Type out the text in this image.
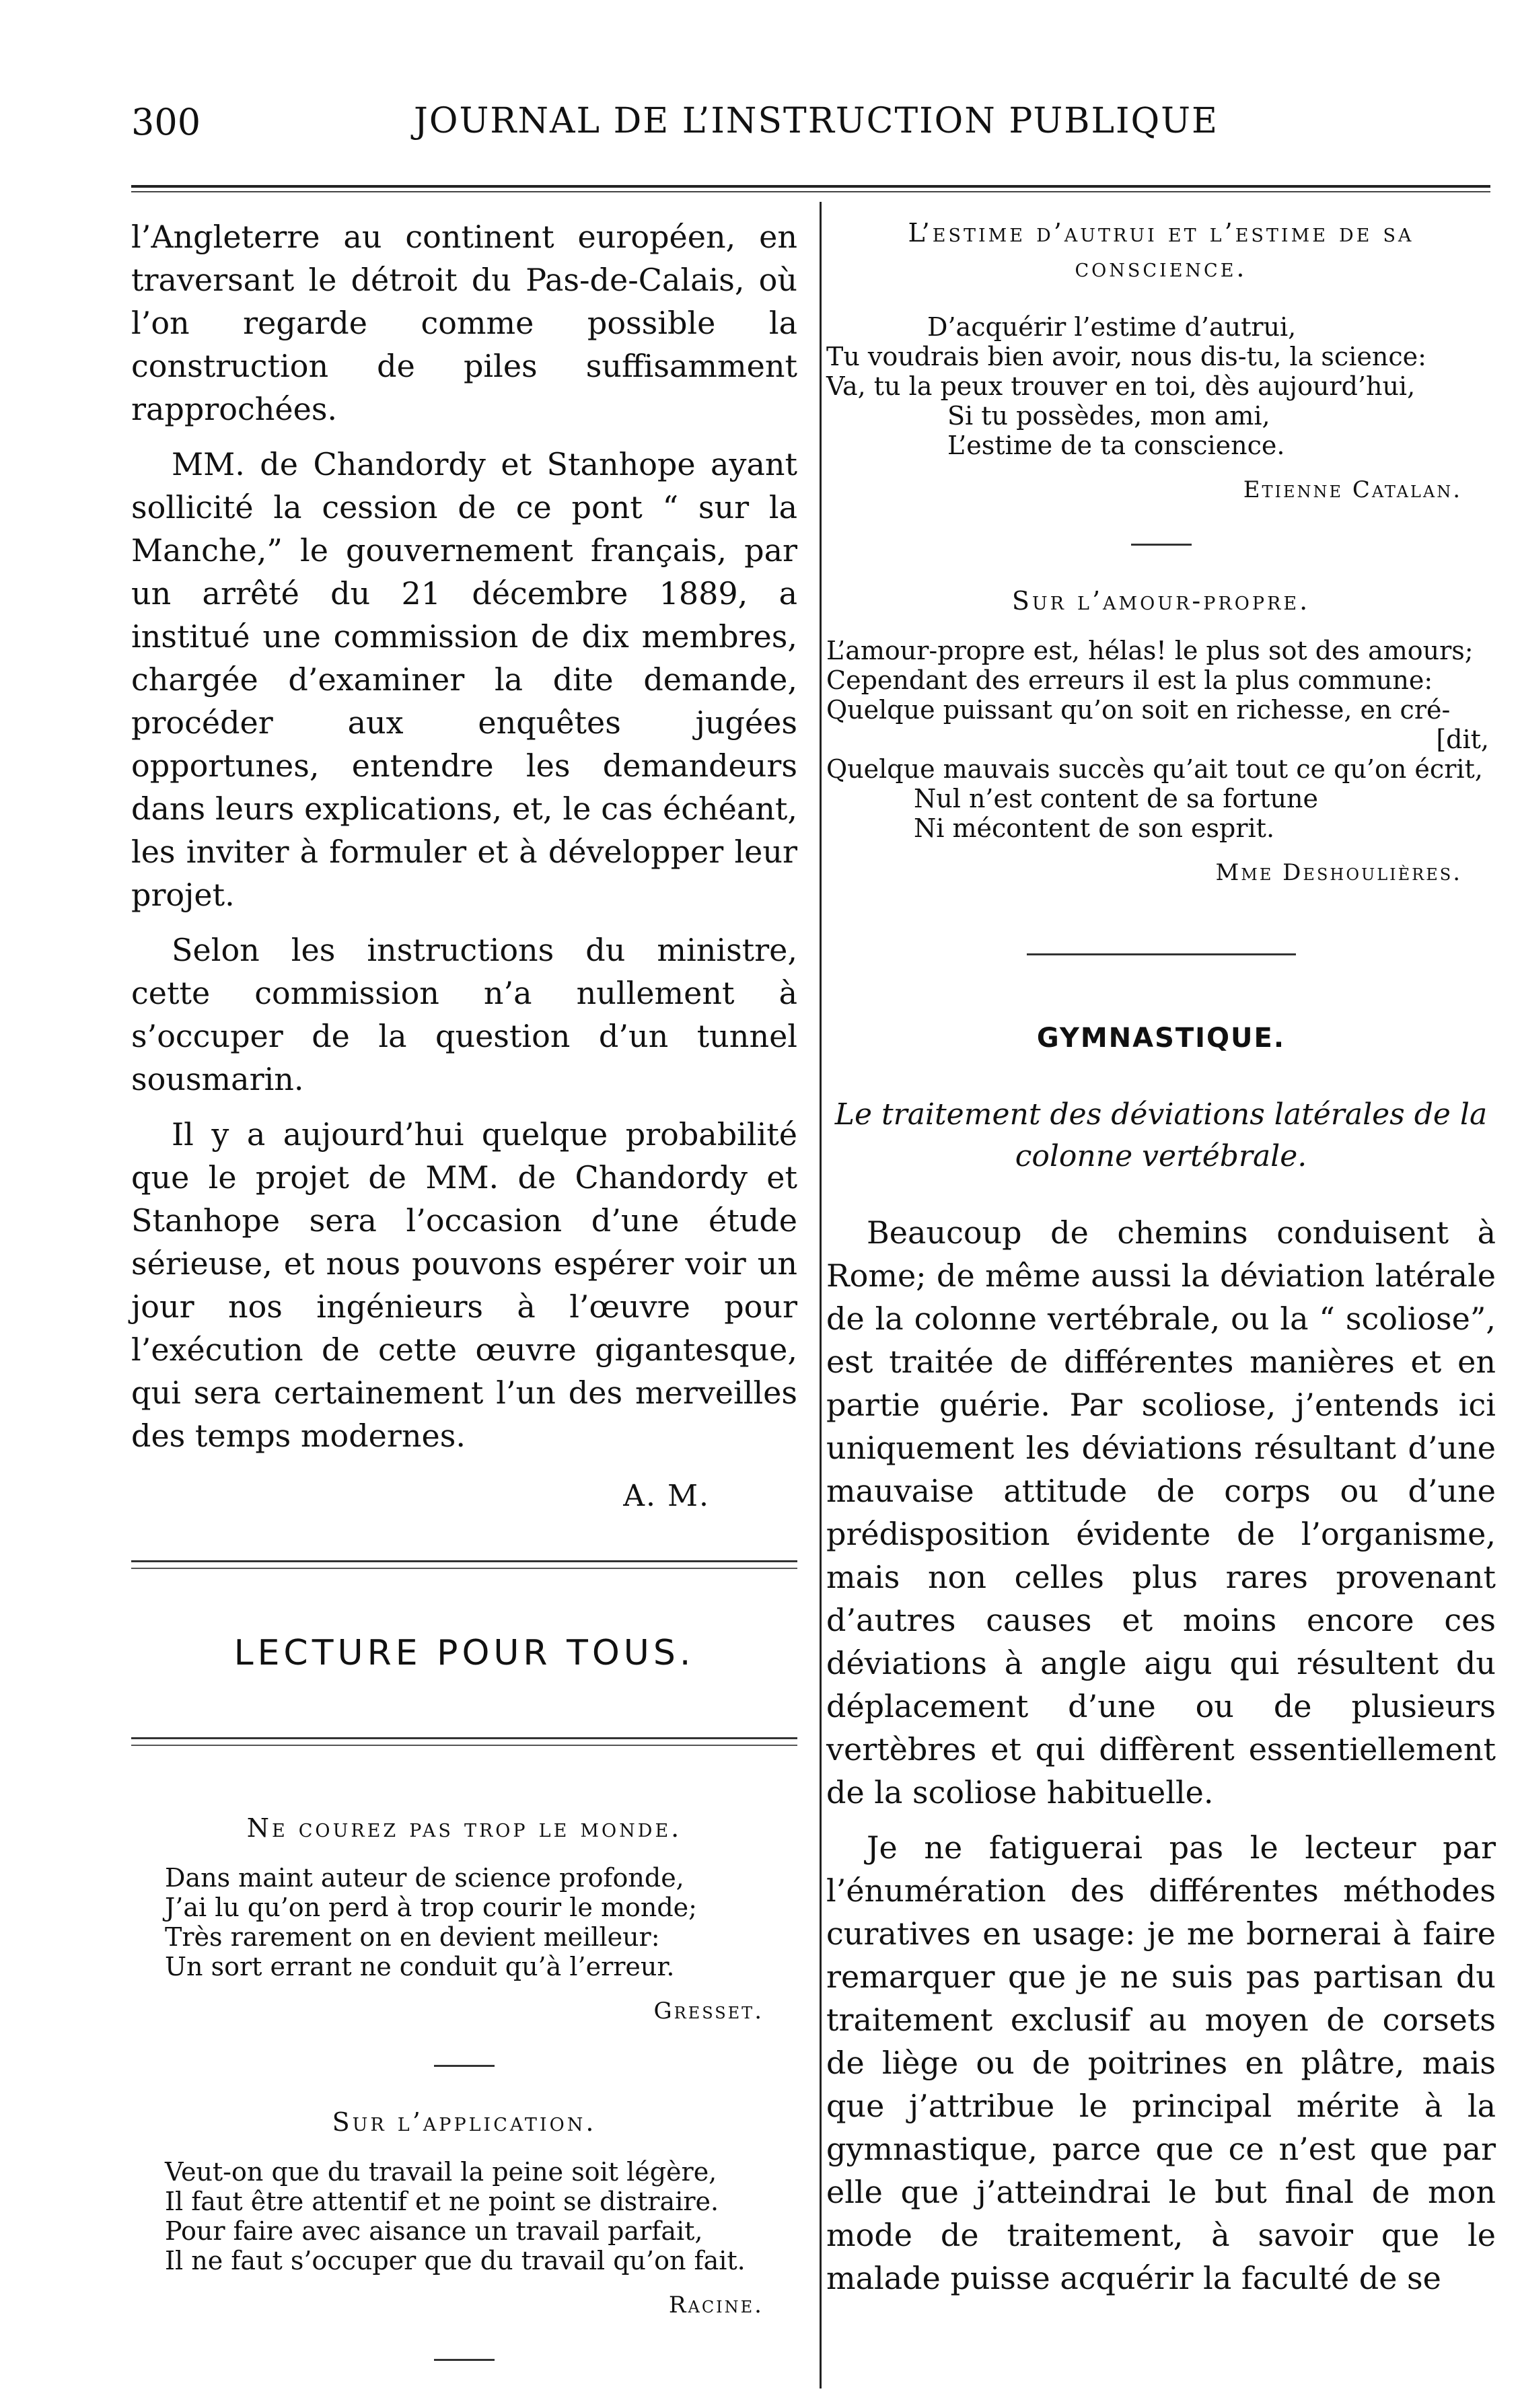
300	JOURNAL DE L’INSTRUCTION PUBLIQUE

l’Angleterre au continent européen, en traversant le détroit du Pas-de-Calais, où l’on regarde comme possible la construction de piles suffisamment rapprochées.

MM. de Chandordy et Stanhope ayant sollicité la cession de ce pont “ sur la Manche,” le gouvernement français, par un arrêté du 21 décembre 1889, a institué une commission de dix membres, chargée d’examiner la dite demande, procéder aux enquêtes jugées opportunes, entendre les demandeurs dans leurs explications, et, le cas échéant, les inviter à formuler et à développer leur projet.

Selon les instructions du ministre, cette commission n’a nullement à s’occuper de la question d’un tunnel sousmarin.

Il y a aujourd’hui quelque probabilité que le projet de MM. de Chandordy et Stanhope sera l’occasion d’une étude sérieuse, et nous pouvons espérer voir un jour nos ingénieurs à l’œuvre pour l’exécution de cette œuvre gigantesque, qui sera certainement l’un des merveilles des temps modernes.

A. M.

LECTURE POUR TOUS.

Ne courez pas trop le monde.

Dans maint auteur de science profonde,

J’ai lu qu’on perd à trop courir le monde;

Très rarement on en devient meilleur:

Un sort errant ne conduit qu’à l’erreur.

Gresset.

Sur l’application.

Veut-on que du travail la peine soit légère,

Il faut être attentif et ne point se distraire.

Pour faire avec aisance un travail parfait,

Il ne faut s’occuper que du travail qu’on fait.

Racine.

L’estime d’autrui et l’estime de sa conscience.

D’acquérir l’estime d’autrui,

Tu voudrais bien avoir, nous dis-tu, la science:

Va, tu la peux trouver en toi, dès aujourd’hui,

Si tu possèdes, mon ami,

L’estime de ta conscience.

Etienne Catalan.

Sur l’amour-propre.

L’amour-propre est, hélas! le plus sot des amours;

Cependant des erreurs il est la plus commune:

Quelque puissant qu’on soit en richesse, en cré-

[dit,

Quelque mauvais succès qu’ait tout ce qu’on écrit,

Nul n’est content de sa fortune

Ni mécontent de son esprit.

Mme Deshoulières.

GYMNASTIQUE.

Le traitement des déviations latérales de la colonne vertébrale.

Beaucoup de chemins conduisent à Rome; de même aussi la déviation latérale de la colonne vertébrale, ou la “ scoliose”, est traitée de différentes manières et en partie guérie. Par scoliose, j’entends ici uniquement les déviations résultant d’une mauvaise attitude de corps ou d’une prédisposition évidente de l’organisme, mais non celles plus rares provenant d’autres causes et moins encore ces déviations à angle aigu qui résultent du déplacement d’une ou de plusieurs vertèbres et qui diffèrent essentiellement de la scoliose habituelle.

Je ne fatiguerai pas le lecteur par l’énumération des différentes méthodes curatives en usage: je me bornerai à faire remarquer que je ne suis pas partisan du traitement exclusif au moyen de corsets de liège ou de poitrines en plâtre, mais que j’attribue le principal mérite à la gymnastique, parce que ce n’est que par elle que j’atteindrai le but final de mon mode de traitement, à savoir que le malade puisse acquérir la faculté de se
